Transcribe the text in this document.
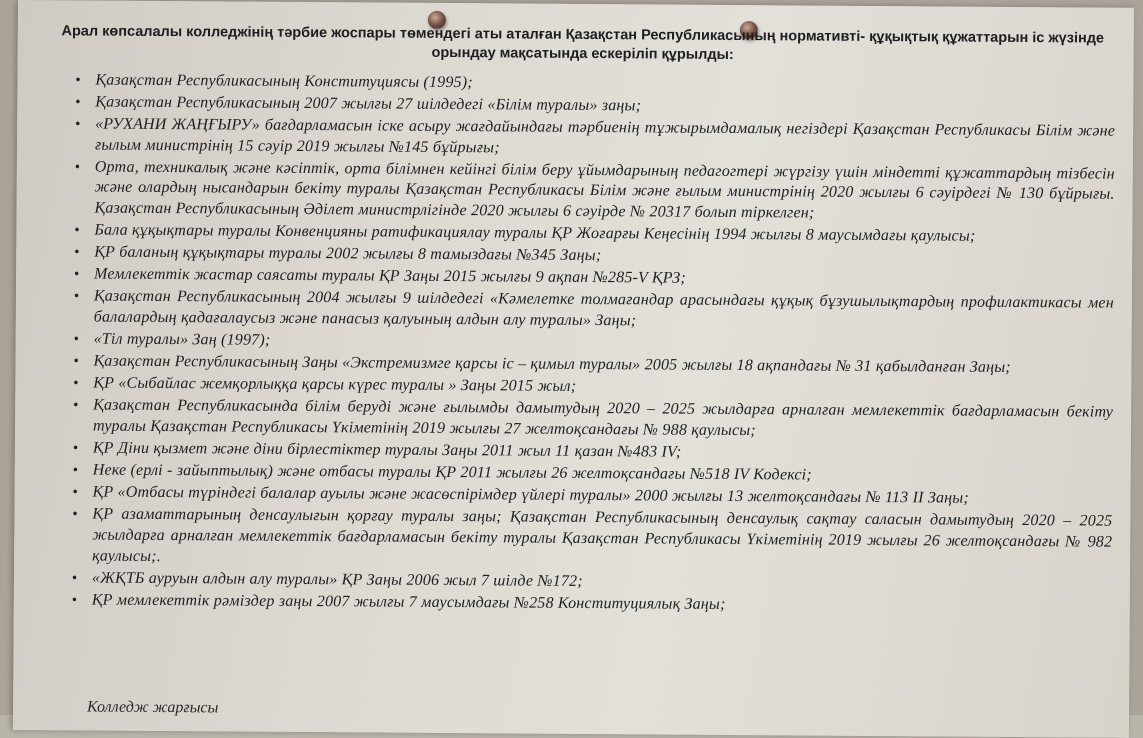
Арал көпсалалы колледжінің тәрбие жоспары төмендегі аты аталған Қазақстан Республикасының нормативті- құқықтық құжаттарын іс жүзінде орындау мақсатында ескеріліп құрылды:
• Қазақстан Республикасының Конституциясы (1995);
• Қазақстан Республикасының 2007 жылғы 27 шілдедегі «Білім туралы» заңы;
• «РУХАНИ ЖАҢҒЫРУ» бағдарламасын іске асыру жағдайындағы тәрбиенің тұжырымдамалық негіздері Қазақстан Республикасы Білім және ғылым министрінің 15 сәуір 2019 жылғы №145 бұйрығы;
• Орта, техникалық және кәсіптік, орта білімнен кейінгі білім беру ұйымдарының педагогтері жүргізу үшін міндетті құжаттардың тізбесін және олардың нысандарын бекіту туралы Қазақстан Республикасы Білім және ғылым министрінің 2020 жылғы 6 сәуірдегі № 130 бұйрығы. Қазақстан Республикасының Әділет министрлігінде 2020 жылғы 6 сәуірде № 20317 болып тіркелген;
• Бала құқықтары туралы Конвенцияны ратификациялау туралы ҚР Жоғарғы Кеңесінің 1994 жылғы 8 маусымдағы қаулысы;
• ҚР баланың құқықтары туралы 2002 жылғы 8 тамыздағы №345 Заңы;
• Мемлекеттік жастар саясаты туралы ҚР Заңы 2015 жылғы 9 ақпан №285-V ҚРЗ;
• Қазақстан Республикасының 2004 жылғы 9 шілдедегі «Кәмелетке толмағандар арасындағы құқық бұзушылықтардың профилактикасы мен балалардың қадағалаусыз және панасыз қалуының алдын алу туралы» Заңы;
• «Тіл туралы» Заң (1997);
• Қазақстан Республикасының Заңы «Экстремизмге қарсы іс – қимыл туралы» 2005 жылғы 18 ақпандағы № 31 қабылданған Заңы;
• ҚР «Сыбайлас жемқорлыққа қарсы күрес туралы » Заңы 2015 жыл;
• Қазақстан Республикасында білім беруді және ғылымды дамытудың 2020 – 2025 жылдарға арналған мемлекеттік бағдарламасын бекіту туралы Қазақстан Республикасы Үкіметінің 2019 жылғы 27 желтоқсандағы № 988 қаулысы;
• ҚР Діни қызмет және діни бірлестіктер туралы Заңы 2011 жыл 11 қазан №483 IV;
• Неке (ерлі - зайыптылық) және отбасы туралы ҚР 2011 жылғы 26 желтоқсандағы №518 IV Кодексі;
• ҚР «Отбасы түріндегі балалар ауылы және жасөспірімдер үйлері туралы» 2000 жылғы 13 желтоқсандағы № 113 II Заңы;
• ҚР азаматтарының денсаулығын қорғау туралы заңы; Қазақстан Республикасының денсаулық сақтау саласын дамытудың 2020 – 2025 жылдарға арналған мемлекеттік бағдарламасын бекіту туралы Қазақстан Республикасы Үкіметінің 2019 жылғы 26 желтоқсандағы № 982 қаулысы;.
• «ЖҚТБ ауруын алдын алу туралы» ҚР Заңы 2006 жыл 7 шілде №172;
• ҚР мемлекеттік рәміздер заңы 2007 жылғы 7 маусымдағы №258 Конституциялық Заңы;
Колледж жарғысы
